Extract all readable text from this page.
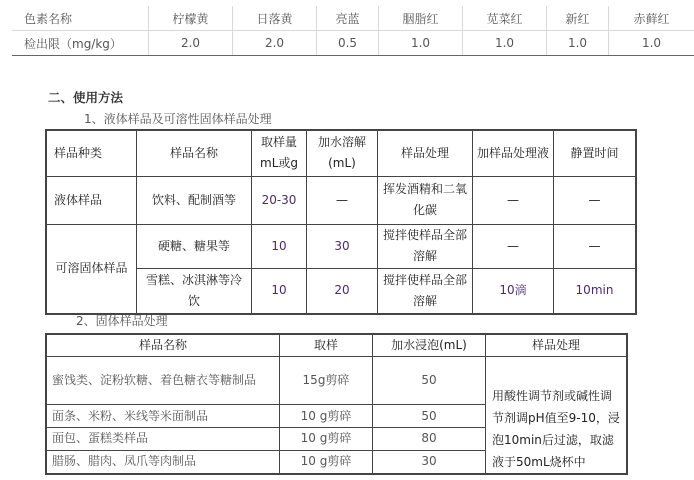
色素名称	柠檬黄	日落黄	亮蓝	胭脂红	苋菜红	新红	赤藓红
检出限（mg/kg）	2.0	2.0	0.5	1.0	1.0	1.0	1.0
二、使用方法
1、液体样品及可溶性固体样品处理
样品种类	样品名称	取样量mL或g	加水溶解(mL)	样品处理	加样品处理液	静置时间
液体样品	饮料、配制酒等	20-30	—	挥发酒精和二氧化碳	—	—
可溶固体样品	硬糖、糖果等	10	30	搅拌使样品全部溶解	—	—
	雪糕、冰淇淋等冷饮	10	20	搅拌使样品全部溶解	10滴	10min
2、固体样品处理
样品名称	取样	加水浸泡(mL)	样品处理
蜜饯类、淀粉软糖、着色糖衣等糖制品	15g剪碎	50	用酸性调节剂或碱性调节剂调pH值至9-10，浸泡10min后过滤，取滤液于50mL烧杯中
面条、米粉、米线等米面制品	10 g剪碎	50	
面包、蛋糕类样品	10 g剪碎	80	
腊肠、腊肉、凤爪等肉制品	10 g剪碎	30	
